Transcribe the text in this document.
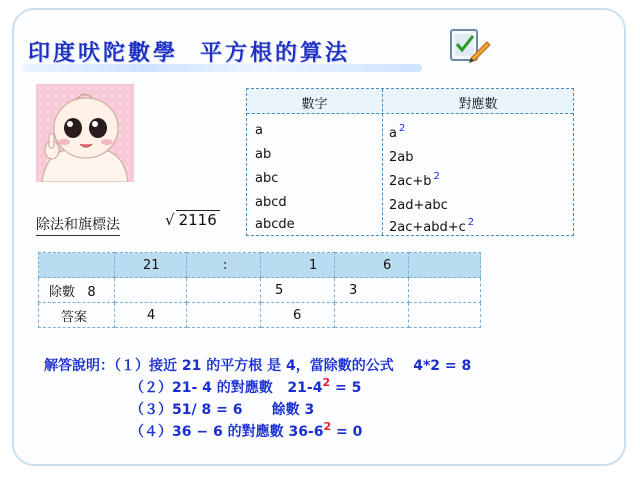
印度吠陀數學 平方根的算法
除法和旗標法	√ 2116
數字	對應數
a	a $^2$
ab	2ab
abc	2ac+b $^2$
abcd	2ad+abc
abcde	2ac+abd+c $^2$
	21	:	1	6	
除數 8			5	3	
答案	4		6		

解答說明：（１）接近 21 的平方根 是 4，當除數的公式 4*2 = 8

（２）21- 4 的對應數 $21-4^2 = 5$

（３）51/ 8 = 6 餘數 3

（４）36 − 6 的對應數 $36-6^2 = 0$
